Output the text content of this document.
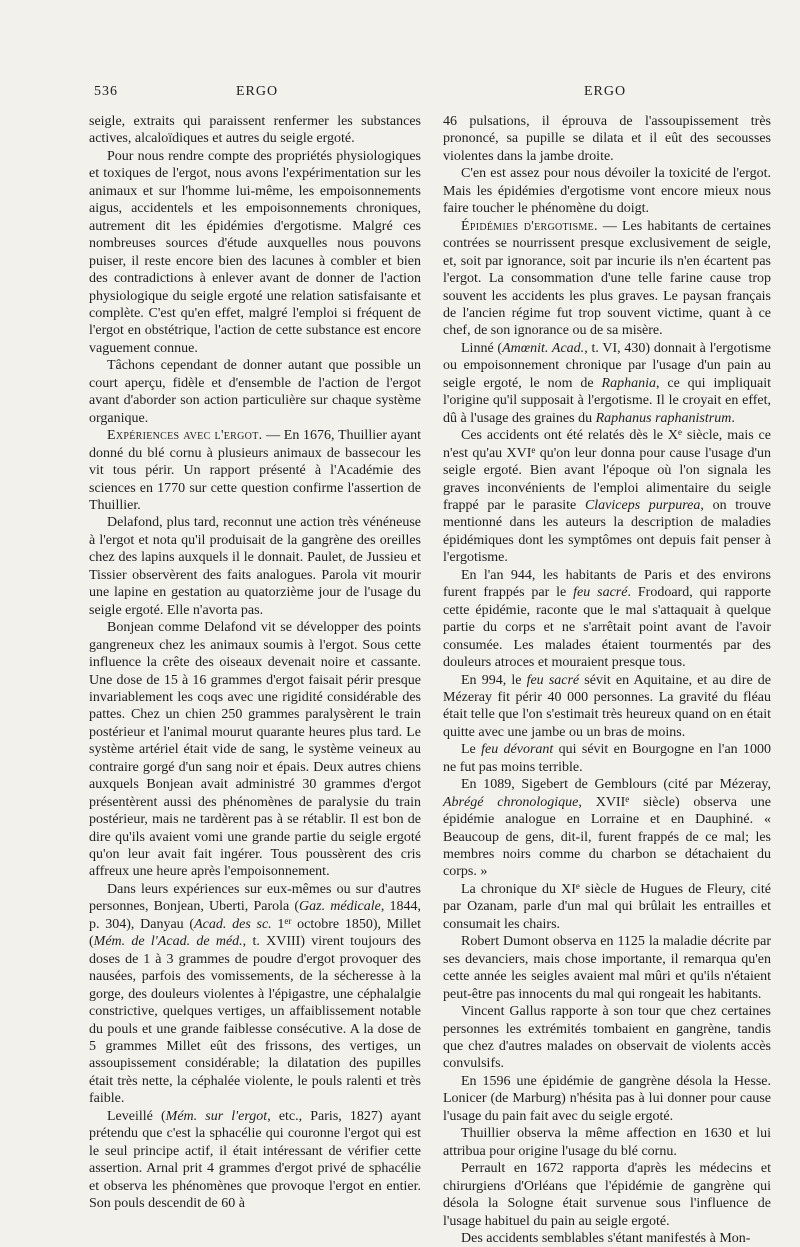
536	ERGO	ERGO

seigle, extraits qui paraissent renfermer les substances actives, alcaloïdiques et autres du seigle ergoté.

Pour nous rendre compte des propriétés physiologiques et toxiques de l'ergot, nous avons l'expérimentation sur les animaux et sur l'homme lui-même, les empoisonnements aigus, accidentels et les empoisonnements chroniques, autrement dit les épidémies d'ergotisme. Malgré ces nombreuses sources d'étude auxquelles nous pouvons puiser, il reste encore bien des lacunes à combler et bien des contradictions à enlever avant de donner de l'action physiologique du seigle ergoté une relation satisfaisante et complète. C'est qu'en effet, malgré l'emploi si fréquent de l'ergot en obstétrique, l'action de cette substance est encore vaguement connue.

Tâchons cependant de donner autant que possible un court aperçu, fidèle et d'ensemble de l'action de l'ergot avant d'aborder son action particulière sur chaque système organique.

Expériences avec l'ergot. — En 1676, Thuillier ayant donné du blé cornu à plusieurs animaux de bassecour les vit tous périr. Un rapport présenté à l'Académie des sciences en 1770 sur cette question confirme l'assertion de Thuillier.

Delafond, plus tard, reconnut une action très vénéneuse à l'ergot et nota qu'il produisait de la gangrène des oreilles chez des lapins auxquels il le donnait. Paulet, de Jussieu et Tissier observèrent des faits analogues. Parola vit mourir une lapine en gestation au quatorzième jour de l'usage du seigle ergoté. Elle n'avorta pas.

Bonjean comme Delafond vit se développer des points gangreneux chez les animaux soumis à l'ergot. Sous cette influence la crête des oiseaux devenait noire et cassante. Une dose de 15 à 16 grammes d'ergot faisait périr presque invariablement les coqs avec une rigidité considérable des pattes. Chez un chien 250 grammes paralysèrent le train postérieur et l'animal mourut quarante heures plus tard. Le système artériel était vide de sang, le système veineux au contraire gorgé d'un sang noir et épais. Deux autres chiens auxquels Bonjean avait administré 30 grammes d'ergot présentèrent aussi des phénomènes de paralysie du train postérieur, mais ne tardèrent pas à se rétablir. Il est bon de dire qu'ils avaient vomi une grande partie du seigle ergoté qu'on leur avait fait ingérer. Tous poussèrent des cris affreux une heure après l'empoisonnement.

Dans leurs expériences sur eux-mêmes ou sur d'autres personnes, Bonjean, Uberti, Parola (Gaz. médicale, 1844, p. 304), Danyau (Acad. des sc. 1er octobre 1850), Millet (Mém. de l'Acad. de méd., t. XVIII) virent toujours des doses de 1 à 3 grammes de poudre d'ergot provoquer des nausées, parfois des vomissements, de la sécheresse à la gorge, des douleurs violentes à l'épigastre, une céphalalgie constrictive, quelques vertiges, un affaiblissement notable du pouls et une grande faiblesse consécutive. A la dose de 5 grammes Millet eût des frissons, des vertiges, un assoupissement considérable; la dilatation des pupilles était très nette, la céphalée violente, le pouls ralenti et très faible.

Leveillé (Mém. sur l'ergot, etc., Paris, 1827) ayant prétendu que c'est la sphacélie qui couronne l'ergot qui est le seul principe actif, il était intéressant de vérifier cette assertion. Arnal prit 4 grammes d'ergot privé de sphacélie et observa les phénomènes que provoque l'ergot en entier. Son pouls descendit de 60 à

46 pulsations, il éprouva de l'assoupissement très prononcé, sa pupille se dilata et il eût des secousses violentes dans la jambe droite.

C'en est assez pour nous dévoiler la toxicité de l'ergot. Mais les épidémies d'ergotisme vont encore mieux nous faire toucher le phénomène du doigt.

Épidémies d'ergotisme. — Les habitants de certaines contrées se nourrissent presque exclusivement de seigle, et, soit par ignorance, soit par incurie ils n'en écartent pas l'ergot. La consommation d'une telle farine cause trop souvent les accidents les plus graves. Le paysan français de l'ancien régime fut trop souvent victime, quant à ce chef, de son ignorance ou de sa misère.

Linné (Amœnit. Acad., t. VI, 430) donnait à l'ergotisme ou empoisonnement chronique par l'usage d'un pain au seigle ergoté, le nom de Raphania, ce qui impliquait l'origine qu'il supposait à l'ergotisme. Il le croyait en effet, dû à l'usage des graines du Raphanus raphanistrum.

Ces accidents ont été relatés dès le Xe siècle, mais ce n'est qu'au XVIe qu'on leur donna pour cause l'usage d'un seigle ergoté. Bien avant l'époque où l'on signala les graves inconvénients de l'emploi alimentaire du seigle frappé par le parasite Claviceps purpurea, on trouve mentionné dans les auteurs la description de maladies épidémiques dont les symptômes ont depuis fait penser à l'ergotisme.

En l'an 944, les habitants de Paris et des environs furent frappés par le feu sacré. Frodoard, qui rapporte cette épidémie, raconte que le mal s'attaquait à quelque partie du corps et ne s'arrêtait point avant de l'avoir consumée. Les malades étaient tourmentés par des douleurs atroces et mouraient presque tous.

En 994, le feu sacré sévit en Aquitaine, et au dire de Mézeray fit périr 40 000 personnes. La gravité du fléau était telle que l'on s'estimait très heureux quand on en était quitte avec une jambe ou un bras de moins.

Le feu dévorant qui sévit en Bourgogne en l'an 1000 ne fut pas moins terrible.

En 1089, Sigebert de Gemblours (cité par Mézeray, Abrégé chronologique, XVIIe siècle) observa une épidémie analogue en Lorraine et en Dauphiné. « Beaucoup de gens, dit-il, furent frappés de ce mal; les membres noirs comme du charbon se détachaient du corps. »

La chronique du XIe siècle de Hugues de Fleury, cité par Ozanam, parle d'un mal qui brûlait les entrailles et consumait les chairs.

Robert Dumont observa en 1125 la maladie décrite par ses devanciers, mais chose importante, il remarqua qu'en cette année les seigles avaient mal mûri et qu'ils n'étaient peut-être pas innocents du mal qui rongeait les habitants.

Vincent Gallus rapporte à son tour que chez certaines personnes les extrémités tombaient en gangrène, tandis que chez d'autres malades on observait de violents accès convulsifs.

En 1596 une épidémie de gangrène désola la Hesse. Lonicer (de Marburg) n'hésita pas à lui donner pour cause l'usage du pain fait avec du seigle ergoté.

Thuillier observa la même affection en 1630 et lui attribua pour origine l'usage du blé cornu.

Perrault en 1672 rapporta d'après les médecins et chirurgiens d'Orléans que l'épidémie de gangrène qui désola la Sologne était survenue sous l'influence de l'usage habituel du pain au seigle ergoté.

Des accidents semblables s'étant manifestés à Mon-
